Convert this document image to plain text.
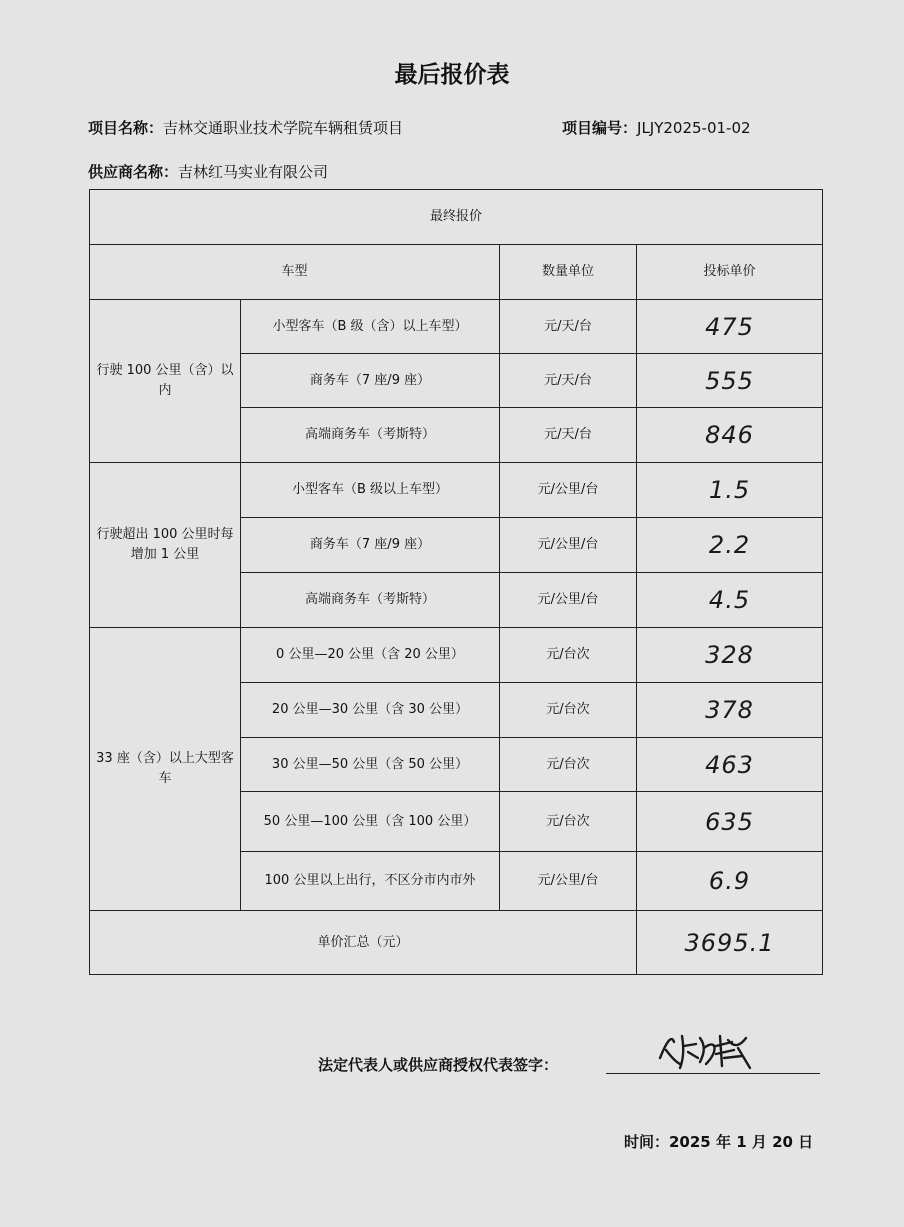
最后报价表
项目名称：吉林交通职业技术学院车辆租赁项目	项目编号：JLJY2025-01-02
供应商名称：吉林红马实业有限公司
最终报价			
车型		数量单位	投标单价
行驶 100 公里（含）以内	小型客车（B 级（含）以上车型）	元/天/台	475
	商务车（7 座/9 座）	元/天/台	555
	高端商务车（考斯特）	元/天/台	846
行驶超出 100 公里时每增加 1 公里	小型客车（B 级以上车型）	元/公里/台	1.5
	商务车（7 座/9 座）	元/公里/台	2.2
	高端商务车（考斯特）	元/公里/台	4.5
33 座（含）以上大型客车	0 公里—20 公里（含 20 公里）	元/台次	328
	20 公里—30 公里（含 30 公里）	元/台次	378
	30 公里—50 公里（含 50 公里）	元/台次	463
	50 公里—100 公里（含 100 公里）	元/台次	635
	100 公里以上出行，不区分市内市外	元/公里/台	6.9
单价汇总（元）			3695.1
法定代表人或供应商授权代表签字：
时间：2025 年 1 月 20 日
